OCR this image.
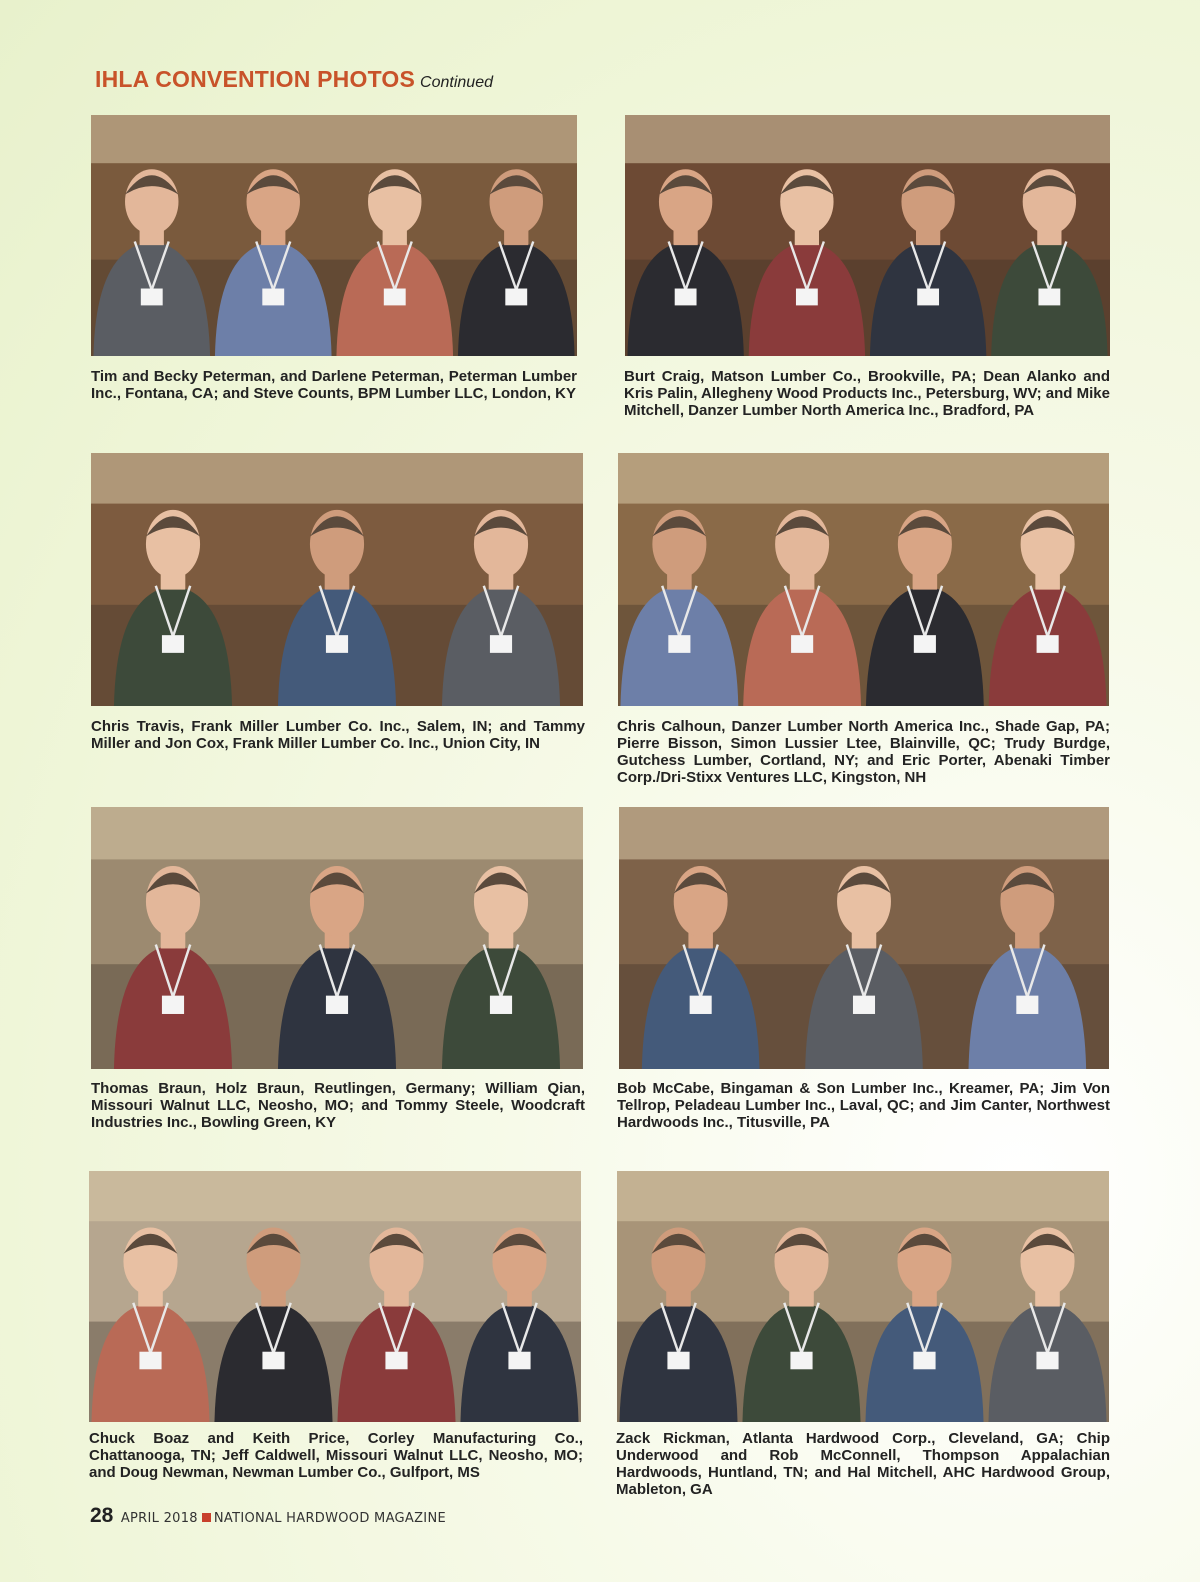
IHLA CONVENTION PHOTOS Continued
Tim and Becky Peterman, and Darlene Peterman, Peterman Lumber Inc., Fontana, CA; and Steve Counts, BPM Lumber LLC, London, KY
Burt Craig, Matson Lumber Co., Brookville, PA; Dean Alanko and Kris Palin, Allegheny Wood Products Inc., Petersburg, WV; and Mike Mitchell, Danzer Lumber North America Inc., Bradford, PA
Chris Travis, Frank Miller Lumber Co. Inc., Salem, IN; and Tammy Miller and Jon Cox, Frank Miller Lumber Co. Inc., Union City, IN
Chris Calhoun, Danzer Lumber North America Inc., Shade Gap, PA; Pierre Bisson, Simon Lussier Ltee, Blainville, QC; Trudy Burdge, Gutchess Lumber, Cortland, NY; and Eric Porter, Abenaki Timber Corp./Dri-Stixx Ventures LLC, Kingston, NH
Thomas Braun, Holz Braun, Reutlingen, Germany; William Qian, Missouri Walnut LLC, Neosho, MO; and Tommy Steele, Woodcraft Industries Inc., Bowling Green, KY
Bob McCabe, Bingaman & Son Lumber Inc., Kreamer, PA; Jim Von Tellrop, Peladeau Lumber Inc., Laval, QC; and Jim Canter, Northwest Hardwoods Inc., Titusville, PA
Chuck Boaz and Keith Price, Corley Manufacturing Co., Chattanooga, TN; Jeff Caldwell, Missouri Walnut LLC, Neosho, MO; and Doug Newman, Newman Lumber Co., Gulfport, MS
Zack Rickman, Atlanta Hardwood Corp., Cleveland, GA; Chip Underwood and Rob McConnell, Thompson Appalachian Hardwoods, Huntland, TN; and Hal Mitchell, AHC Hardwood Group, Mableton, GA
28 APRIL 2018 NATIONAL HARDWOOD MAGAZINE
